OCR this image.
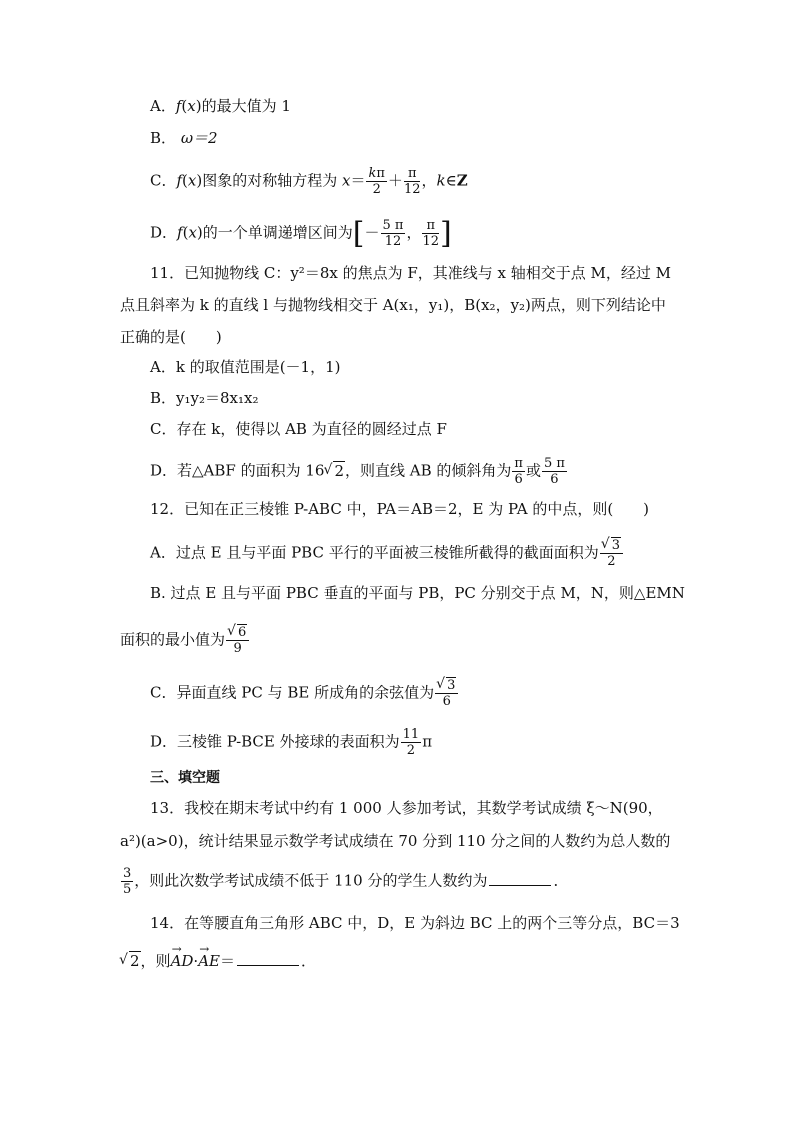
A．f(x)的最大值为 1
B． ω＝2
C．f(x)图象的对称轴方程为 $x= \frac{k\pi}{2} + \frac{\pi}{12}$ ，k∈Z
D．f(x)的一个单调递增区间为[－ $\frac{5 \pi}{12}$ ， $\frac{\pi}{12}$ ]
11．已知抛物线 C：y²＝8x 的焦点为 F，其准线与 x 轴相交于点 M，经过 M
点且斜率为 k 的直线 l 与抛物线相交于 A(x₁，y₁)，B(x₂，y₂)两点，则下列结论中
正确的是(　　)
A．k 的取值范围是(－1，1)
B．y₁y₂＝8x₁x₂
C．存在 k，使得以 AB 为直径的圆经过点 F
D．若△ABF 的面积为 16 √ 2，则直线 AB 的倾斜角为 $\frac{\pi}{6}$ 或 $\frac{5 \pi}{6}$
12．已知在正三棱锥 P-ABC 中，PA＝AB＝2，E 为 PA 的中点，则(　　)
A．过点 E 且与平面 PBC 平行的平面被三棱锥所截得的截面面积为 √ $\frac{3}{2}$
B. 过点 E 且与平面 PBC 垂直的平面与 PB，PC 分别交于点 M，N，则△EMN
面积的最小值为 √ $\frac{6}{9}$
C．异面直线 PC 与 BE 所成角的余弦值为 √ $\frac{3}{6}$
D．三棱锥 P-BCE 外接球的表面积为 $\frac{11}{2}$ π
三、填空题
13．我校在期末考试中约有 1 000 人参加考试，其数学考试成绩 ξ～N(90，
a²)(a>0)，统计结果显示数学考试成绩在 70 分到 110 分之间的人数约为总人数的
$\frac{3}{5}$ ，则此次数学考试成绩不低于 110 分的学生人数约为	．
14．在等腰直角三角形 ABC 中，D，E 为斜边 BC 上的两个三等分点，BC＝3
√ 2，则→ AD·→ AE＝	．
